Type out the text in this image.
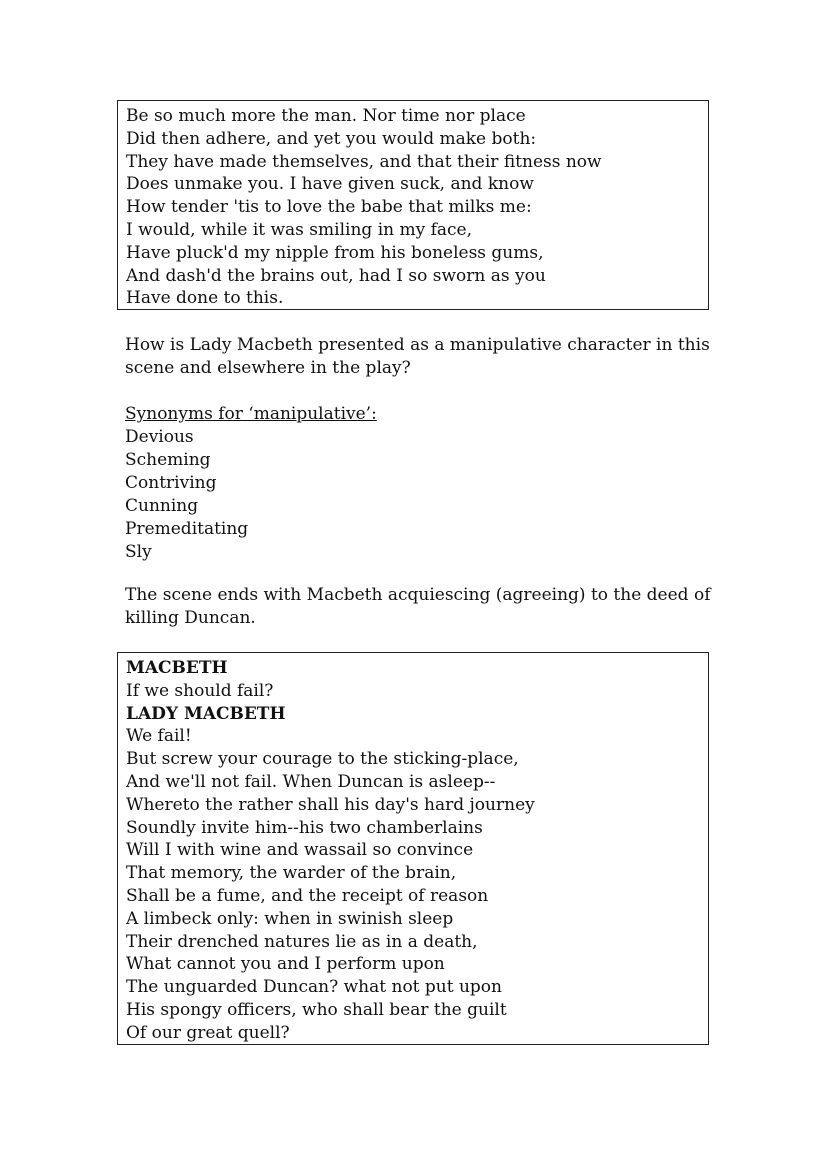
Be so much more the man. Nor time nor place
Did then adhere, and yet you would make both:
They have made themselves, and that their fitness now
Does unmake you. I have given suck, and know
How tender 'tis to love the babe that milks me:
I would, while it was smiling in my face,
Have pluck'd my nipple from his boneless gums,
And dash'd the brains out, had I so sworn as you
Have done to this.
How is Lady Macbeth presented as a manipulative character in this scene and elsewhere in the play?
Synonyms for ‘manipulative’:
Devious
Scheming
Contriving
Cunning
Premeditating
Sly
The scene ends with Macbeth acquiescing (agreeing) to the deed of killing Duncan.
MACBETH
If we should fail?
LADY MACBETH
We fail!
But screw your courage to the sticking-place,
And we'll not fail. When Duncan is asleep--
Whereto the rather shall his day's hard journey
Soundly invite him--his two chamberlains
Will I with wine and wassail so convince
That memory, the warder of the brain,
Shall be a fume, and the receipt of reason
A limbeck only: when in swinish sleep
Their drenched natures lie as in a death,
What cannot you and I perform upon
The unguarded Duncan? what not put upon
His spongy officers, who shall bear the guilt
Of our great quell?
